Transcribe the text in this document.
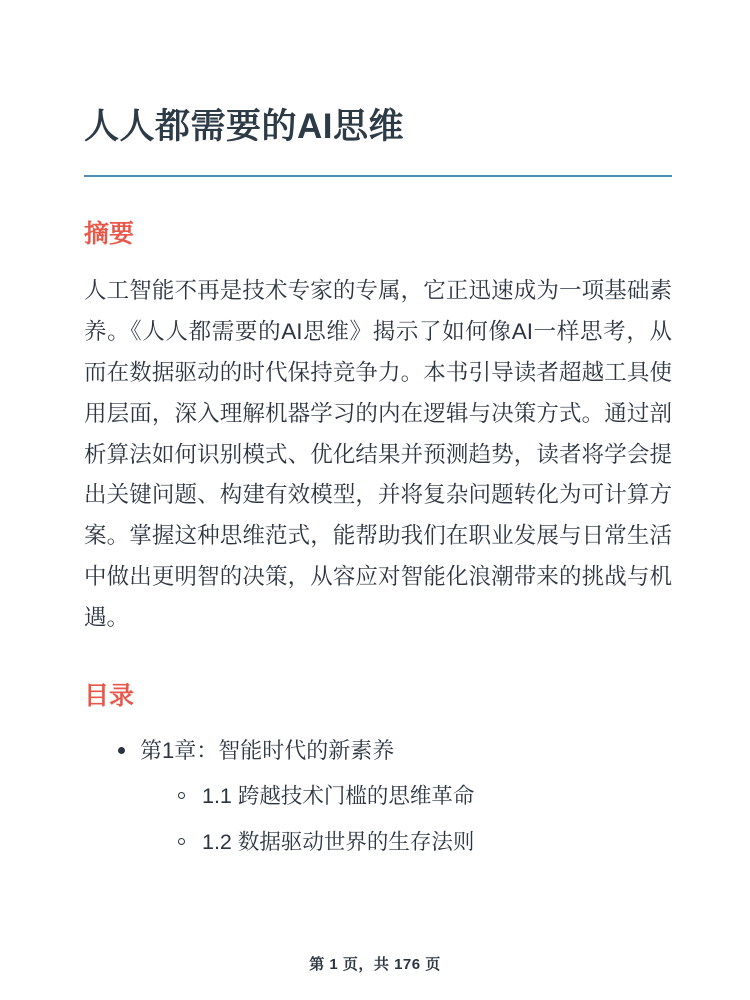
人人都需要的AI思维
摘要

人工智能不再是技术专家的专属，它正迅速成为一项基础素养。《人人都需要的AI思维》揭示了如何像AI一样思考，从而在数据驱动的时代保持竞争力。本书引导读者超越工具使用层面，深入理解机器学习的内在逻辑与决策方式。通过剖析算法如何识别模式、优化结果并预测趋势，读者将学会提出关键问题、构建有效模型，并将复杂问题转化为可计算方案。掌握这种思维范式，能帮助我们在职业发展与日常生活中做出更明智的决策，从容应对智能化浪潮带来的挑战与机遇。

目录
第1章：智能时代的新素养
1.1 跨越技术门槛的思维革命
1.2 数据驱动世界的生存法则
第 1 页，共 176 页
